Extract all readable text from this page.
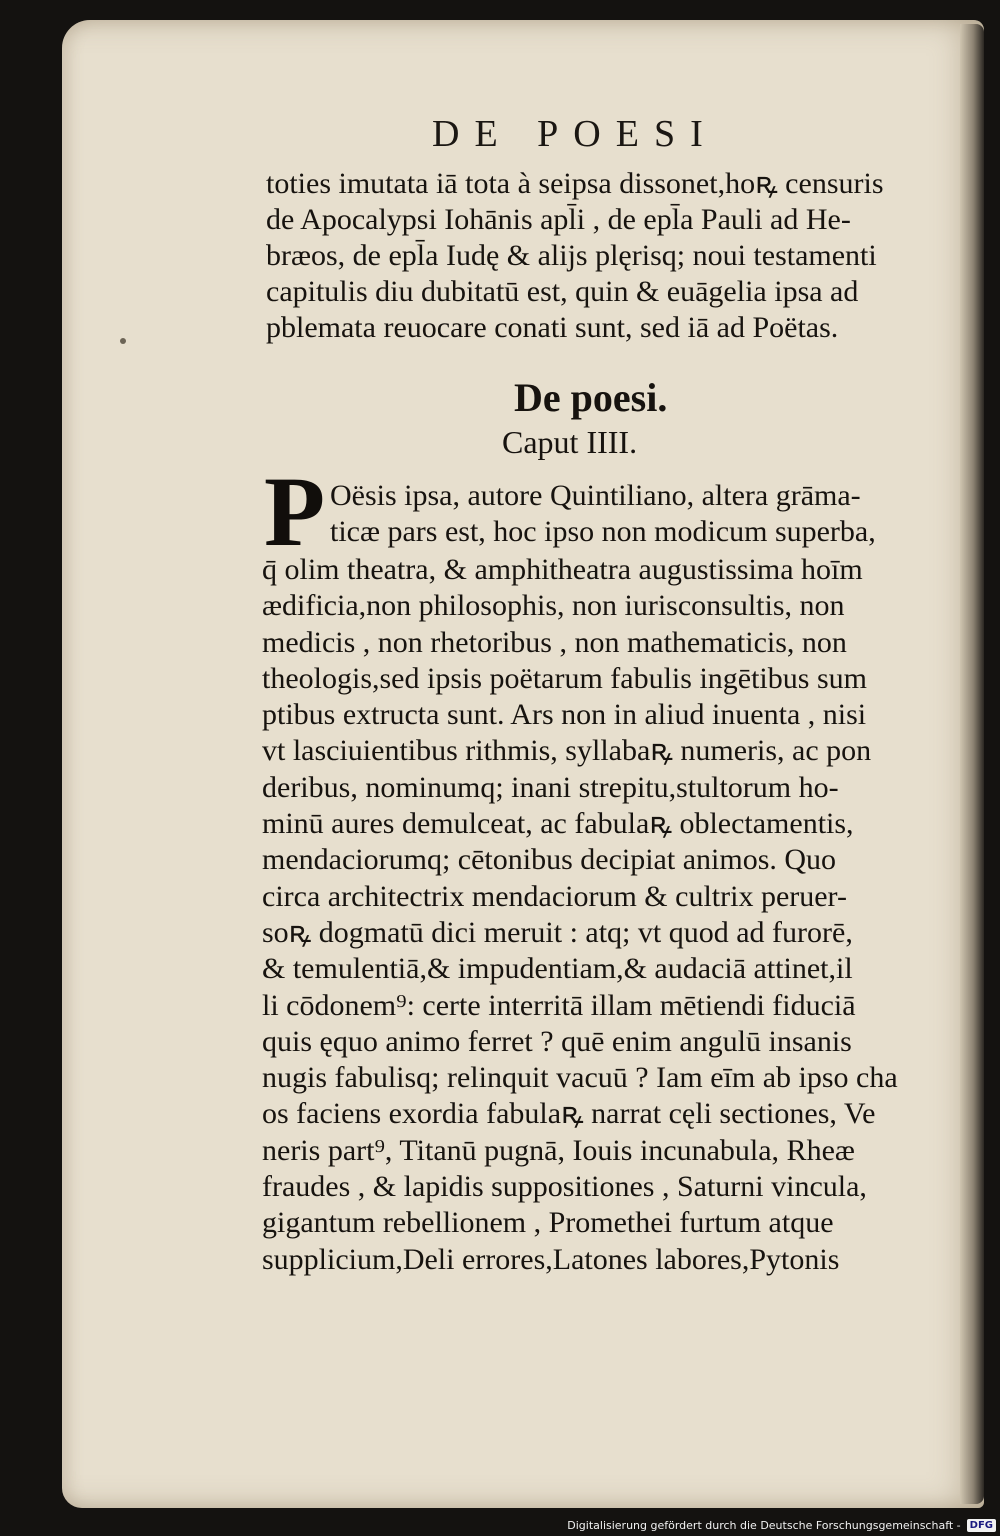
DE POESI
toties imutata iā tota à seipsa dissonet,hoꝶ censuris
de Apocalypsi Iohānis apl̄i , de epl̄a Pauli ad He-
bræos, de epl̄a Iudę & alijs plęrisq; noui testamenti
capitulis diu dubitatū est, quin & euāgelia ipsa ad
pblemata reuocare conati sunt, sed iā ad Poëtas.
De poesi.
Caput IIII.
P Oësis ipsa, autore Quintiliano, altera grāma-
ticæ pars est, hoc ipso non modicum superba,
q̄ olim theatra, & amphitheatra augustissima hoīm
ædificia,non philosophis, non iurisconsultis, non
medicis , non rhetoribus , non mathematicis, non
theologis,sed ipsis poëtarum fabulis ingētibus sum
ptibus extructa sunt. Ars non in aliud inuenta , nisi
vt lasciuientibus rithmis, syllabaꝶ numeris, ac pon
deribus, nominumq; inani strepitu,stultorum ho-
minū aures demulceat, ac fabulaꝶ oblectamentis,
mendaciorumq; cētonibus decipiat animos. Quo
circa architectrix mendaciorum & cultrix peruer-
soꝶ dogmatū dici meruit : atq; vt quod ad furorē,
& temulentiā,& impudentiam,& audaciā attinet,il
li cōdonem⁹: certe interritā illam mētiendi fiduciā
quis ęquo animo ferret ? quē enim angulū insanis
nugis fabulisq; relinquit vacuū ? Iam eīm ab ipso cha
os faciens exordia fabulaꝶ narrat cęli sectiones, Ve
neris part⁹, Titanū pugnā, Iouis incunabula, Rheæ
fraudes , & lapidis suppositiones , Saturni vincula,
gigantum rebellionem , Promethei furtum atque
supplicium,Deli errores,Latones labores,Pytonis
Digitalisierung gefördert durch die Deutsche Forschungsgemeinschaft - DFG
